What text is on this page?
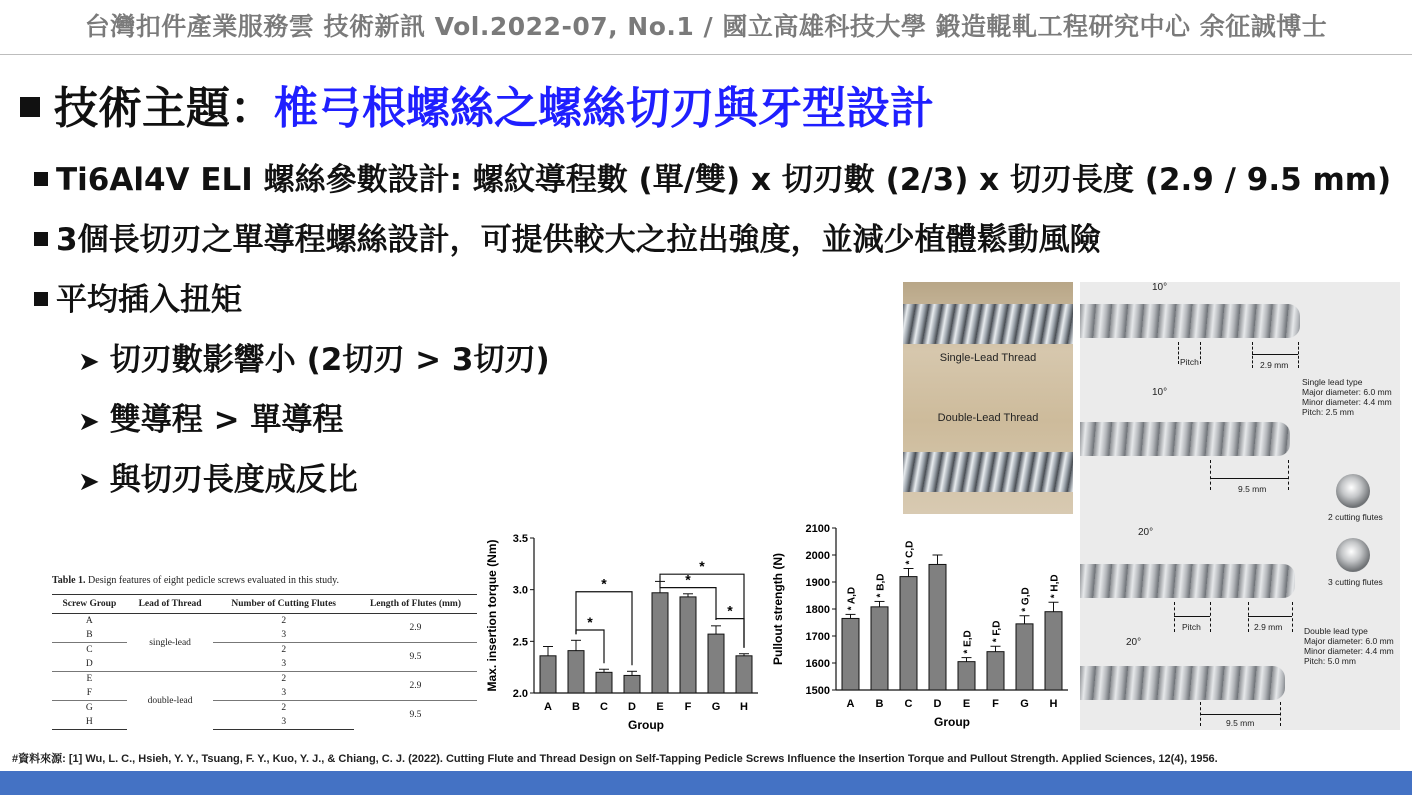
台灣扣件產業服務雲 技術新訊 Vol.2022-07, No.1 / 國立高雄科技大學 鍛造輥軋工程研究中心 余征誠博士
技術主題：椎弓根螺絲之螺絲切刃與牙型設計
Ti6Al4V ELI 螺絲參數設計: 螺紋導程數 (單/雙) x 切刃數 (2/3) x 切刃長度 (2.9 / 9.5 mm)
3個長切刃之單導程螺絲設計，可提供較大之拉出強度，並減少植體鬆動風險
平均插入扭矩
➤ 切刃數影響小 (2切刃 > 3切刃)
➤ 雙導程 > 單導程
➤ 與切刃長度成反比
Table 1. Design features of eight pedicle screws evaluated in this study.
Screw Group	Lead of Thread	Number of Cutting Flutes	Length of Flutes (mm)
A	single-lead	2	2.9
B		3	
C		2	9.5
D		3	
E	double-lead	2	2.9
F		3	
G		2	9.5
H		3	
2.0
2.5
3.0
3.5
A B C D E F G H
Group
Max. insertion torque (Nm)	*
*	*
*
*
1500
1600
1700
1800
1900
2000
2100
A
* A,D
B
* B,D
C
* C,D
D E
* E,D
F
* F,D
G
* G,D
H
* H,D
Group
Pullout strength (N)
Single-Lead Thread
Double-Lead Thread
10°
Pitch	2.9 mm
Single lead type
Major diameter: 6.0 mm
Minor diameter: 4.4 mm
Pitch: 2.5 mm
10°
9.5 mm
2 cutting flutes
3 cutting flutes
20°
Pitch	2.9 mm	Double lead type
Major diameter: 6.0 mm
Minor diameter: 4.4 mm
Pitch: 5.0 mm
20°
9.5 mm
#資料來源: [1] Wu, L. C., Hsieh, Y. Y., Tsuang, F. Y., Kuo, Y. J., & Chiang, C. J. (2022). Cutting Flute and Thread Design on Self-Tapping Pedicle Screws Influence the Insertion Torque and Pullout Strength. Applied Sciences, 12(4), 1956.
